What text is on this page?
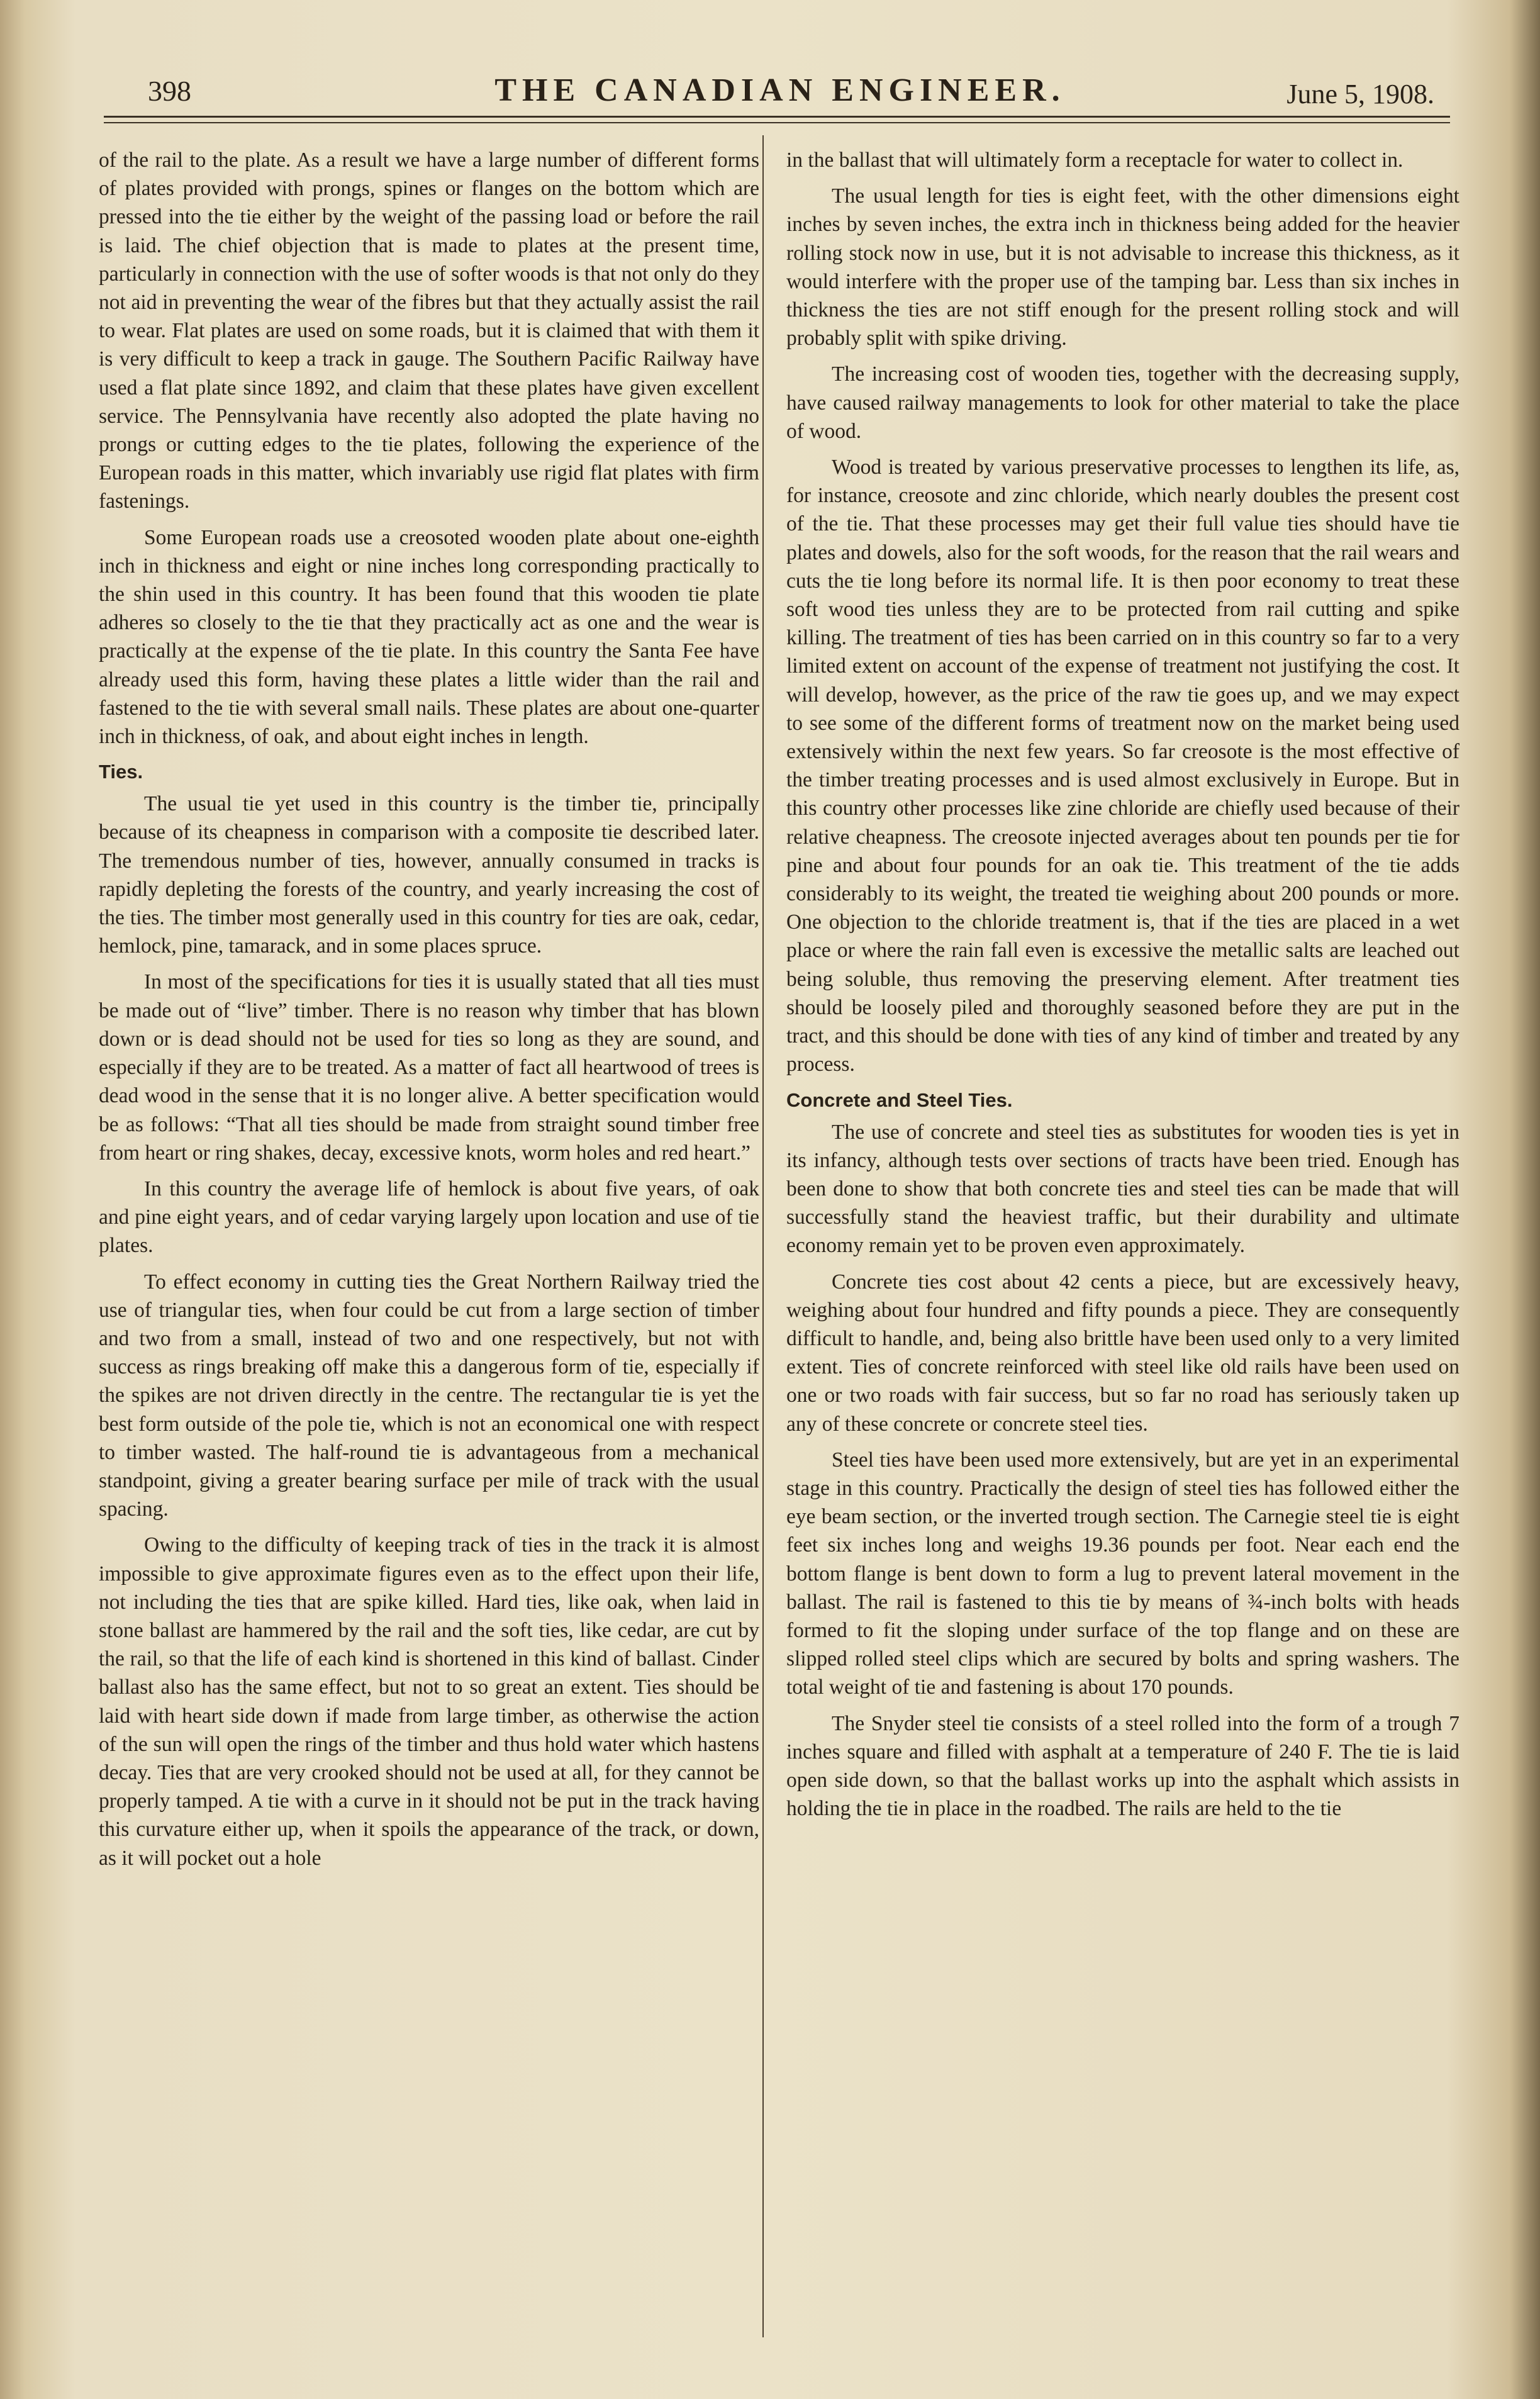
398	THE CANADIAN ENGINEER.	June 5, 1908.

of the rail to the plate. As a result we have a large number of different forms of plates provided with prongs, spines or flanges on the bottom which are pressed into the tie either by the weight of the passing load or before the rail is laid. The chief objection that is made to plates at the present time, particularly in connection with the use of softer woods is that not only do they not aid in preventing the wear of the fibres but that they actually assist the rail to wear. Flat plates are used on some roads, but it is claimed that with them it is very difficult to keep a track in gauge. The Southern Pacific Railway have used a flat plate since 1892, and claim that these plates have given excellent service. The Pennsylvania have recently also adopted the plate having no prongs or cutting edges to the tie plates, following the experience of the European roads in this matter, which invariably use rigid flat plates with firm fastenings.

Some European roads use a creosoted wooden plate about one-eighth inch in thickness and eight or nine inches long corresponding practically to the shin used in this country. It has been found that this wooden tie plate adheres so closely to the tie that they practically act as one and the wear is practically at the expense of the tie plate. In this country the Santa Fee have already used this form, having these plates a little wider than the rail and fastened to the tie with several small nails. These plates are about one-quarter inch in thickness, of oak, and about eight inches in length.

Ties.

The usual tie yet used in this country is the timber tie, principally because of its cheapness in comparison with a composite tie described later. The tremendous number of ties, however, annually consumed in tracks is rapidly depleting the forests of the country, and yearly increasing the cost of the ties. The timber most generally used in this country for ties are oak, cedar, hemlock, pine, tamarack, and in some places spruce.

In most of the specifications for ties it is usually stated that all ties must be made out of “live” timber. There is no reason why timber that has blown down or is dead should not be used for ties so long as they are sound, and especially if they are to be treated. As a matter of fact all heartwood of trees is dead wood in the sense that it is no longer alive. A better specification would be as follows: “That all ties should be made from straight sound timber free from heart or ring shakes, decay, excessive knots, worm holes and red heart.”

In this country the average life of hemlock is about five years, of oak and pine eight years, and of cedar varying largely upon location and use of tie plates.

To effect economy in cutting ties the Great Northern Railway tried the use of triangular ties, when four could be cut from a large section of timber and two from a small, instead of two and one respectively, but not with success as rings breaking off make this a dangerous form of tie, especially if the spikes are not driven directly in the centre. The rectangular tie is yet the best form outside of the pole tie, which is not an economical one with respect to timber wasted. The half-round tie is advantageous from a mechanical standpoint, giving a greater bearing surface per mile of track with the usual spacing.

Owing to the difficulty of keeping track of ties in the track it is almost impossible to give approximate figures even as to the effect upon their life, not including the ties that are spike killed. Hard ties, like oak, when laid in stone ballast are hammered by the rail and the soft ties, like cedar, are cut by the rail, so that the life of each kind is shortened in this kind of ballast. Cinder ballast also has the same effect, but not to so great an extent. Ties should be laid with heart side down if made from large timber, as otherwise the action of the sun will open the rings of the timber and thus hold water which hastens decay. Ties that are very crooked should not be used at all, for they cannot be properly tamped. A tie with a curve in it should not be put in the track having this curvature either up, when it spoils the appearance of the track, or down, as it will pocket out a hole

in the ballast that will ultimately form a receptacle for water to collect in.

The usual length for ties is eight feet, with the other dimensions eight inches by seven inches, the extra inch in thickness being added for the heavier rolling stock now in use, but it is not advisable to increase this thickness, as it would interfere with the proper use of the tamping bar. Less than six inches in thickness the ties are not stiff enough for the present rolling stock and will probably split with spike driving.

The increasing cost of wooden ties, together with the decreasing supply, have caused railway managements to look for other material to take the place of wood.

Wood is treated by various preservative processes to lengthen its life, as, for instance, creosote and zinc chloride, which nearly doubles the present cost of the tie. That these processes may get their full value ties should have tie plates and dowels, also for the soft woods, for the reason that the rail wears and cuts the tie long before its normal life. It is then poor economy to treat these soft wood ties unless they are to be protected from rail cutting and spike killing. The treatment of ties has been carried on in this country so far to a very limited extent on account of the expense of treatment not justifying the cost. It will develop, however, as the price of the raw tie goes up, and we may expect to see some of the different forms of treatment now on the market being used extensively within the next few years. So far creosote is the most effective of the timber treating processes and is used almost exclusively in Europe. But in this country other processes like zine chloride are chiefly used because of their relative cheapness. The creosote injected averages about ten pounds per tie for pine and about four pounds for an oak tie. This treatment of the tie adds considerably to its weight, the treated tie weighing about 200 pounds or more. One objection to the chloride treatment is, that if the ties are placed in a wet place or where the rain fall even is excessive the metallic salts are leached out being soluble, thus removing the preserving element. After treatment ties should be loosely piled and thoroughly seasoned before they are put in the tract, and this should be done with ties of any kind of timber and treated by any process.

Concrete and Steel Ties.

The use of concrete and steel ties as substitutes for wooden ties is yet in its infancy, although tests over sections of tracts have been tried. Enough has been done to show that both concrete ties and steel ties can be made that will successfully stand the heaviest traffic, but their durability and ultimate economy remain yet to be proven even approximately.

Concrete ties cost about 42 cents a piece, but are excessively heavy, weighing about four hundred and fifty pounds a piece. They are consequently difficult to handle, and, being also brittle have been used only to a very limited extent. Ties of concrete reinforced with steel like old rails have been used on one or two roads with fair success, but so far no road has seriously taken up any of these concrete or concrete steel ties.

Steel ties have been used more extensively, but are yet in an experimental stage in this country. Practically the design of steel ties has followed either the eye beam section, or the inverted trough section. The Carnegie steel tie is eight feet six inches long and weighs 19.36 pounds per foot. Near each end the bottom flange is bent down to form a lug to prevent lateral movement in the ballast. The rail is fastened to this tie by means of ¾-inch bolts with heads formed to fit the sloping under surface of the top flange and on these are slipped rolled steel clips which are secured by bolts and spring washers. The total weight of tie and fastening is about 170 pounds.

The Snyder steel tie consists of a steel rolled into the form of a trough 7 inches square and filled with asphalt at a temperature of 240 F. The tie is laid open side down, so that the ballast works up into the asphalt which assists in holding the tie in place in the roadbed. The rails are held to the tie
